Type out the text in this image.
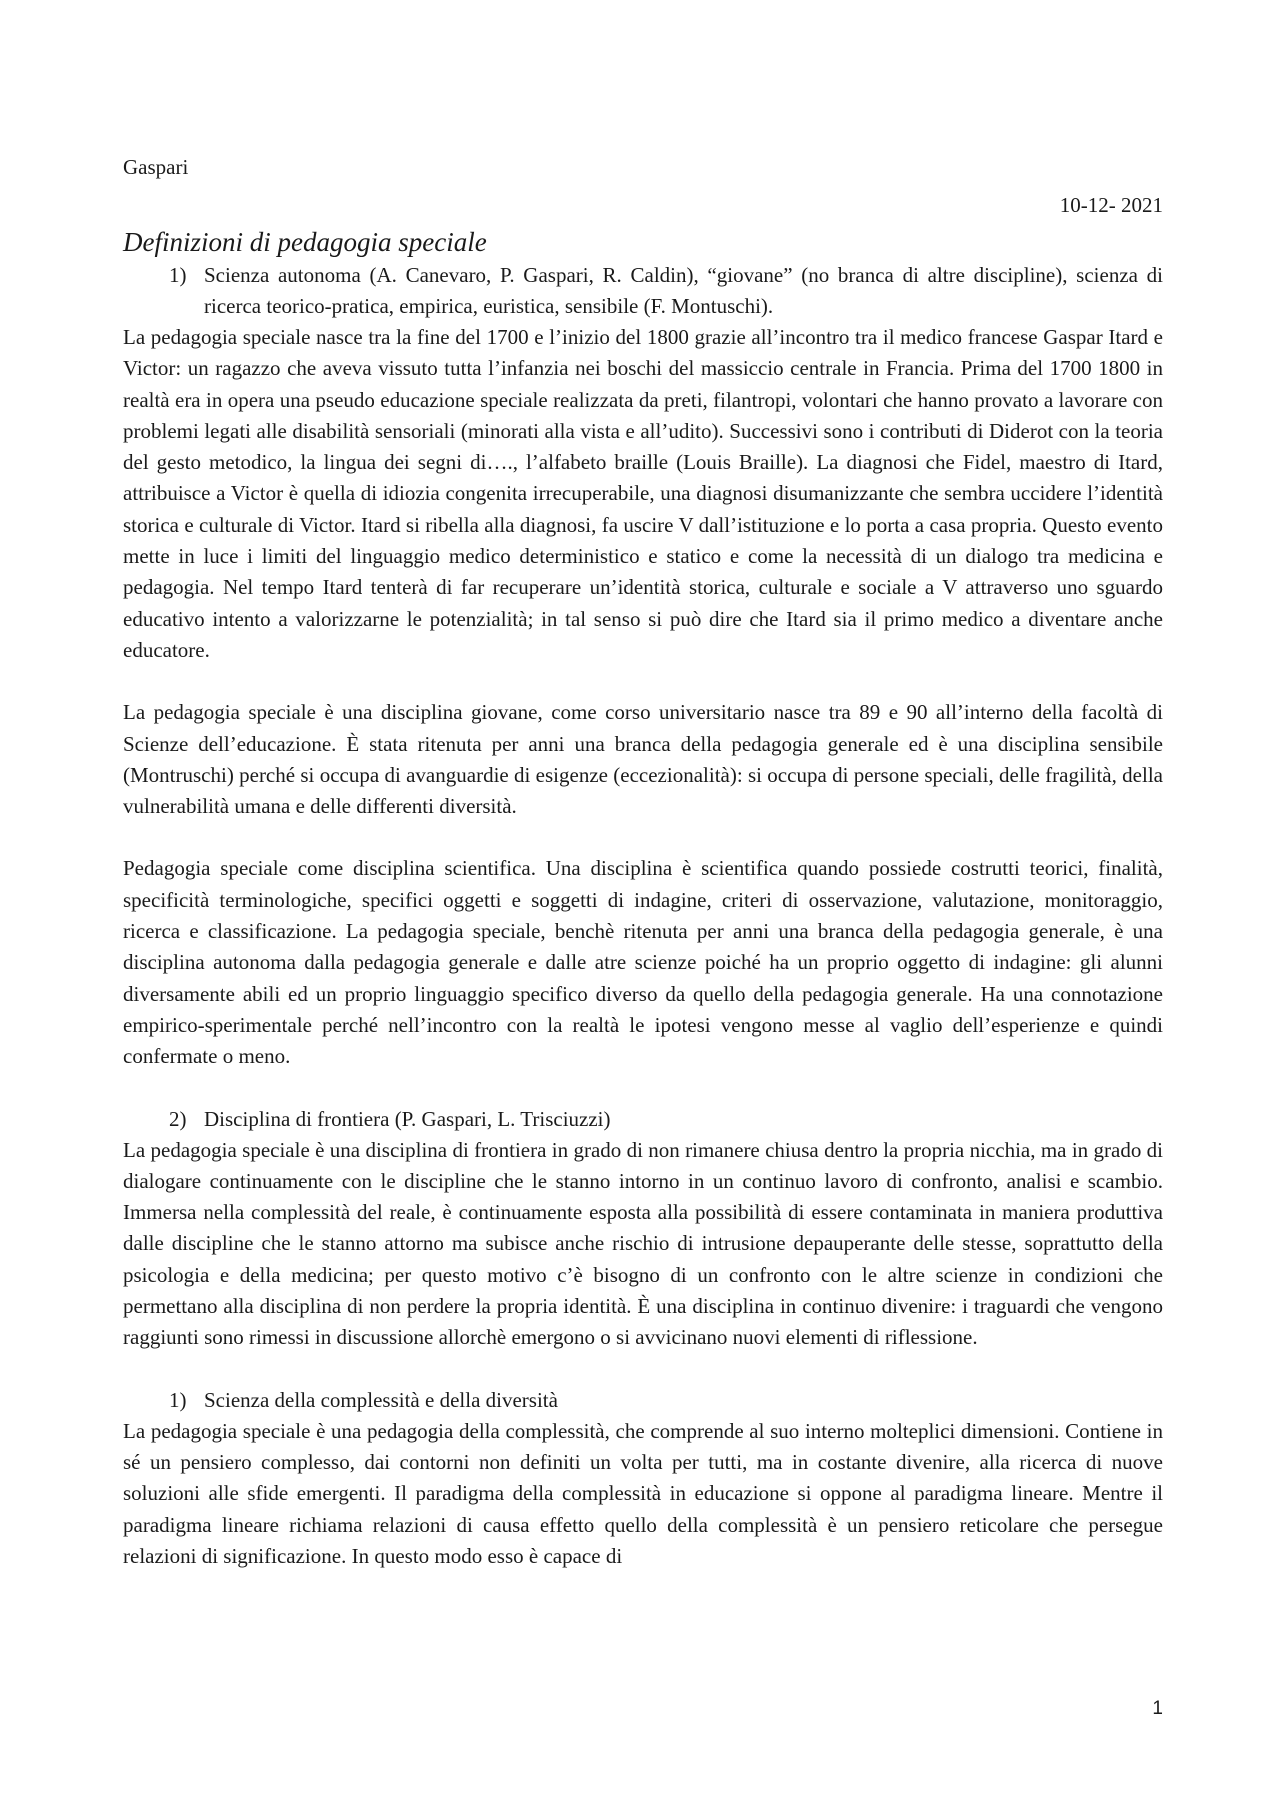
Gaspari

10-12- 2021

Definizioni di pedagogia speciale
1) Scienza autonoma (A. Canevaro, P. Gaspari, R. Caldin), “giovane” (no branca di altre discipline), scienza di ricerca teorico-pratica, empirica, euristica, sensibile (F. Montuschi).

La pedagogia speciale nasce tra la fine del 1700 e l’inizio del 1800 grazie all’incontro tra il medico francese Gaspar Itard e Victor: un ragazzo che aveva vissuto tutta l’infanzia nei boschi del massiccio centrale in Francia. Prima del 1700 1800 in realtà era in opera una pseudo educazione speciale realizzata da preti, filantropi, volontari che hanno provato a lavorare con problemi legati alle disabilità sensoriali (minorati alla vista e all’udito). Successivi sono i contributi di Diderot con la teoria del gesto metodico, la lingua dei segni di…., l’alfabeto braille (Louis Braille). La diagnosi che Fidel, maestro di Itard, attribuisce a Victor è quella di idiozia congenita irrecuperabile, una diagnosi disumanizzante che sembra uccidere l’identità storica e culturale di Victor. Itard si ribella alla diagnosi, fa uscire V dall’istituzione e lo porta a casa propria. Questo evento mette in luce i limiti del linguaggio medico deterministico e statico e come la necessità di un dialogo tra medicina e pedagogia. Nel tempo Itard tenterà di far recuperare un’identità storica, culturale e sociale a V attraverso uno sguardo educativo intento a valorizzarne le potenzialità; in tal senso si può dire che Itard sia il primo medico a diventare anche educatore.

La pedagogia speciale è una disciplina giovane, come corso universitario nasce tra 89 e 90 all’interno della facoltà di Scienze dell’educazione. È stata ritenuta per anni una branca della pedagogia generale ed è una disciplina sensibile (Montruschi) perché si occupa di avanguardie di esigenze (eccezionalità): si occupa di persone speciali, delle fragilità, della vulnerabilità umana e delle differenti diversità.

Pedagogia speciale come disciplina scientifica. Una disciplina è scientifica quando possiede costrutti teorici, finalità, specificità terminologiche, specifici oggetti e soggetti di indagine, criteri di osservazione, valutazione, monitoraggio, ricerca e classificazione. La pedagogia speciale, benchè ritenuta per anni una branca della pedagogia generale, è una disciplina autonoma dalla pedagogia generale e dalle atre scienze poiché ha un proprio oggetto di indagine: gli alunni diversamente abili ed un proprio linguaggio specifico diverso da quello della pedagogia generale. Ha una connotazione empirico-sperimentale perché nell’incontro con la realtà le ipotesi vengono messe al vaglio dell’esperienze e quindi confermate o meno.

2) Disciplina di frontiera (P. Gaspari, L. Trisciuzzi)

La pedagogia speciale è una disciplina di frontiera in grado di non rimanere chiusa dentro la propria nicchia, ma in grado di dialogare continuamente con le discipline che le stanno intorno in un continuo lavoro di confronto, analisi e scambio. Immersa nella complessità del reale, è continuamente esposta alla possibilità di essere contaminata in maniera produttiva dalle discipline che le stanno attorno ma subisce anche rischio di intrusione depauperante delle stesse, soprattutto della psicologia e della medicina; per questo motivo c’è bisogno di un confronto con le altre scienze in condizioni che permettano alla disciplina di non perdere la propria identità. È una disciplina in continuo divenire: i traguardi che vengono raggiunti sono rimessi in discussione allorchè emergono o si avvicinano nuovi elementi di riflessione.

1) Scienza della complessità e della diversità

La pedagogia speciale è una pedagogia della complessità, che comprende al suo interno molteplici dimensioni. Contiene in sé un pensiero complesso, dai contorni non definiti un volta per tutti, ma in costante divenire, alla ricerca di nuove soluzioni alle sfide emergenti. Il paradigma della complessità in educazione si oppone al paradigma lineare. Mentre il paradigma lineare richiama relazioni di causa effetto quello della complessità è un pensiero reticolare che persegue relazioni di significazione. In questo modo esso è capace di

1
